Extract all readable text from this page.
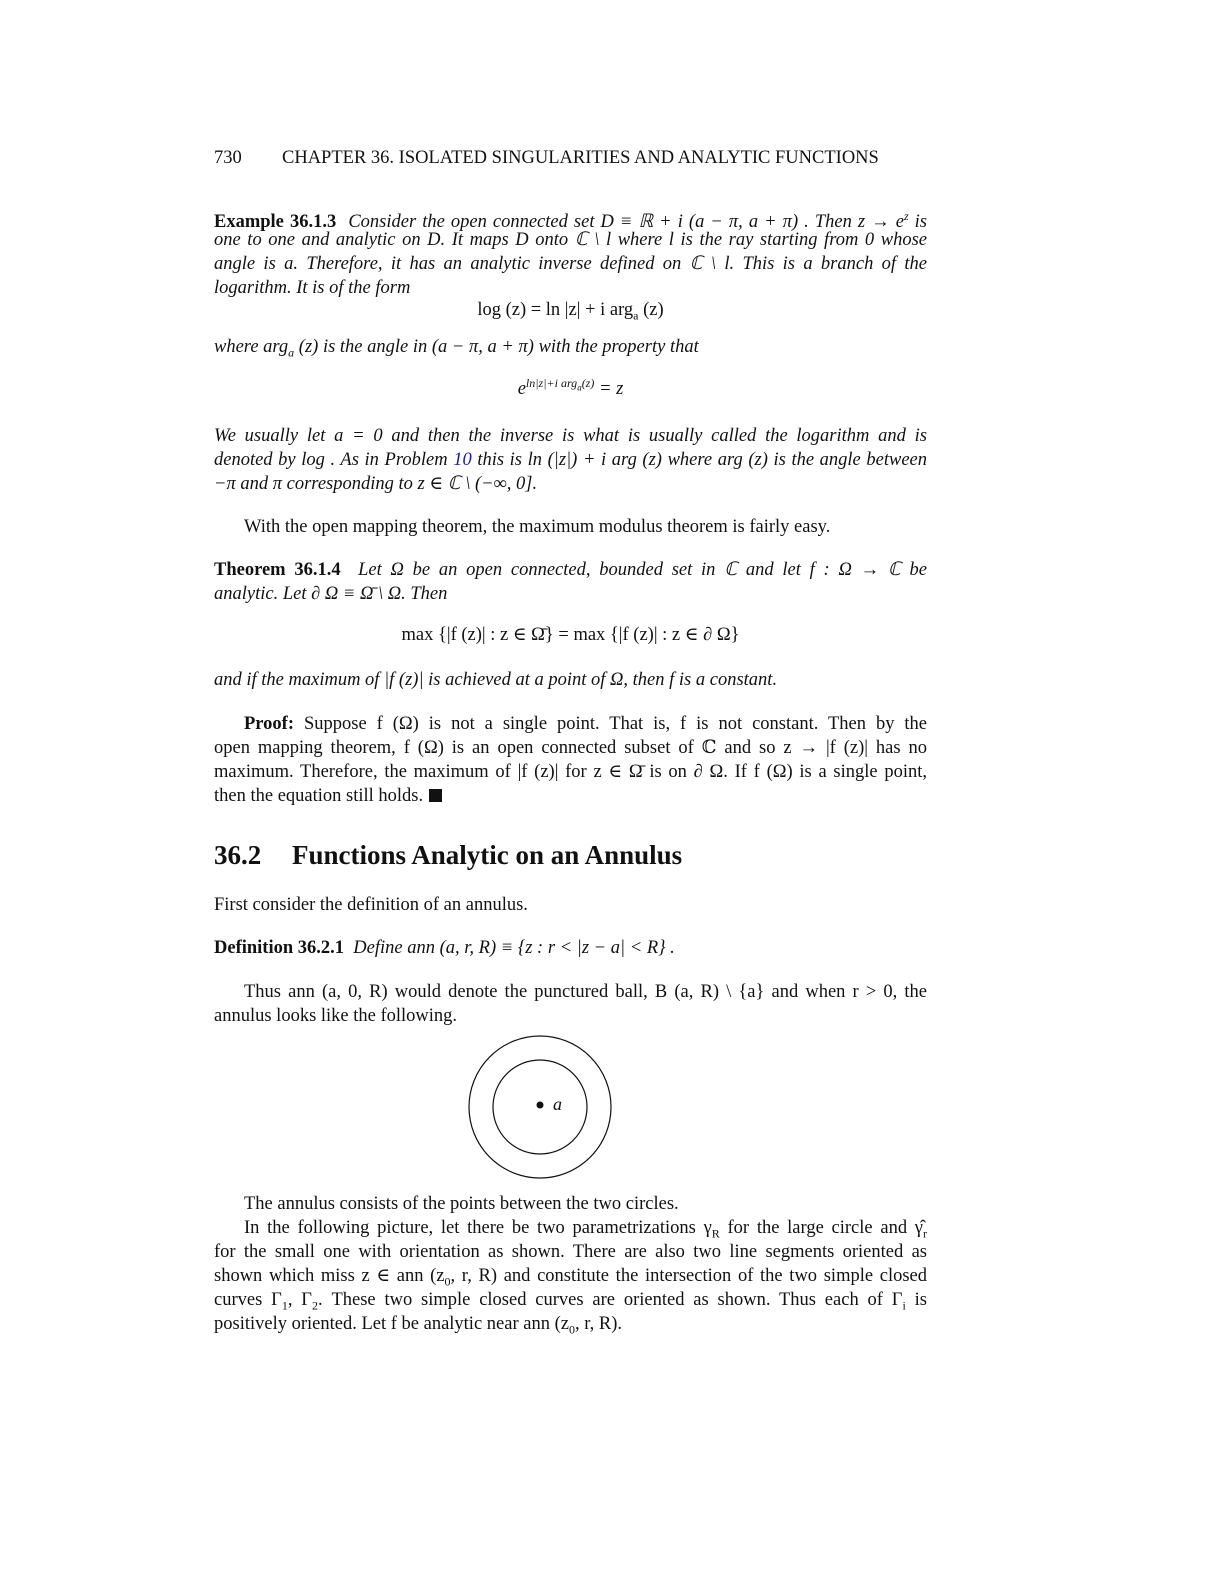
730 CHAPTER 36. ISOLATED SINGULARITIES AND ANALYTIC FUNCTIONS

Example 36.1.3 Consider the open connected set D ≡ ℝ + i (a − π, a + π) . Then $z \to e^z$ is

one to one and analytic on D. It maps D onto ℂ \ l where l is the ray starting from 0 whose

angle is a. Therefore, it has an analytic inverse defined on ℂ \ l. This is a branch of the

logarithm. It is of the form

log (z) = ln |z| + i arg$_a$ (z)

where arg$_a$ (z) is the angle in (a − π, a + π) with the property that

$e^{ln|z|+i arg_a(z)} = z$

We usually let a = 0 and then the inverse is what is usually called the logarithm and is

denoted by log . As in Problem 10 this is ln (|z|) + i arg (z) where arg (z) is the angle between

−π and π corresponding to z ∈ ℂ \ (−∞, 0].

With the open mapping theorem, the maximum modulus theorem is fairly easy.

Theorem 36.1.4 Let Ω be an open connected, bounded set in ℂ and let f : Ω → ℂ be

analytic. Let ∂ Ω ≡ Ω̄ \ Ω. Then

max {|f (z)| : z ∈ Ω̄} = max {|f (z)| : z ∈ ∂ Ω}

and if the maximum of |f (z)| is achieved at a point of Ω, then f is a constant.

Proof: Suppose f (Ω) is not a single point. That is, f is not constant. Then by the

open mapping theorem, f (Ω) is an open connected subset of ℂ and so z → |f (z)| has no

maximum. Therefore, the maximum of |f (z)| for z ∈ Ω̄ is on ∂ Ω. If f (Ω) is a single point,

then the equation still holds.

36.2 Functions Analytic on an Annulus

First consider the definition of an annulus.

Definition 36.2.1 Define ann (a, r, R) ≡ {z : r < |z − a| < R} .

Thus ann (a, 0, R) would denote the punctured ball, B (a, R) \ {a} and when r > 0, the

annulus looks like the following.

a

The annulus consists of the points between the two circles.

In the following picture, let there be two parametrizations $\gamma_R$ for the large circle and $\gammâ_r$

for the small one with orientation as shown. There are also two line segments oriented as

shown which miss z ∈ ann ($z_0$, r, R) and constitute the intersection of the two simple closed

curves $\Gamma_1$, $\Gamma_2$. These two simple closed curves are oriented as shown. Thus each of $\Gamma_i$ is

positively oriented. Let f be analytic near ann ($z_0$, r, R).
